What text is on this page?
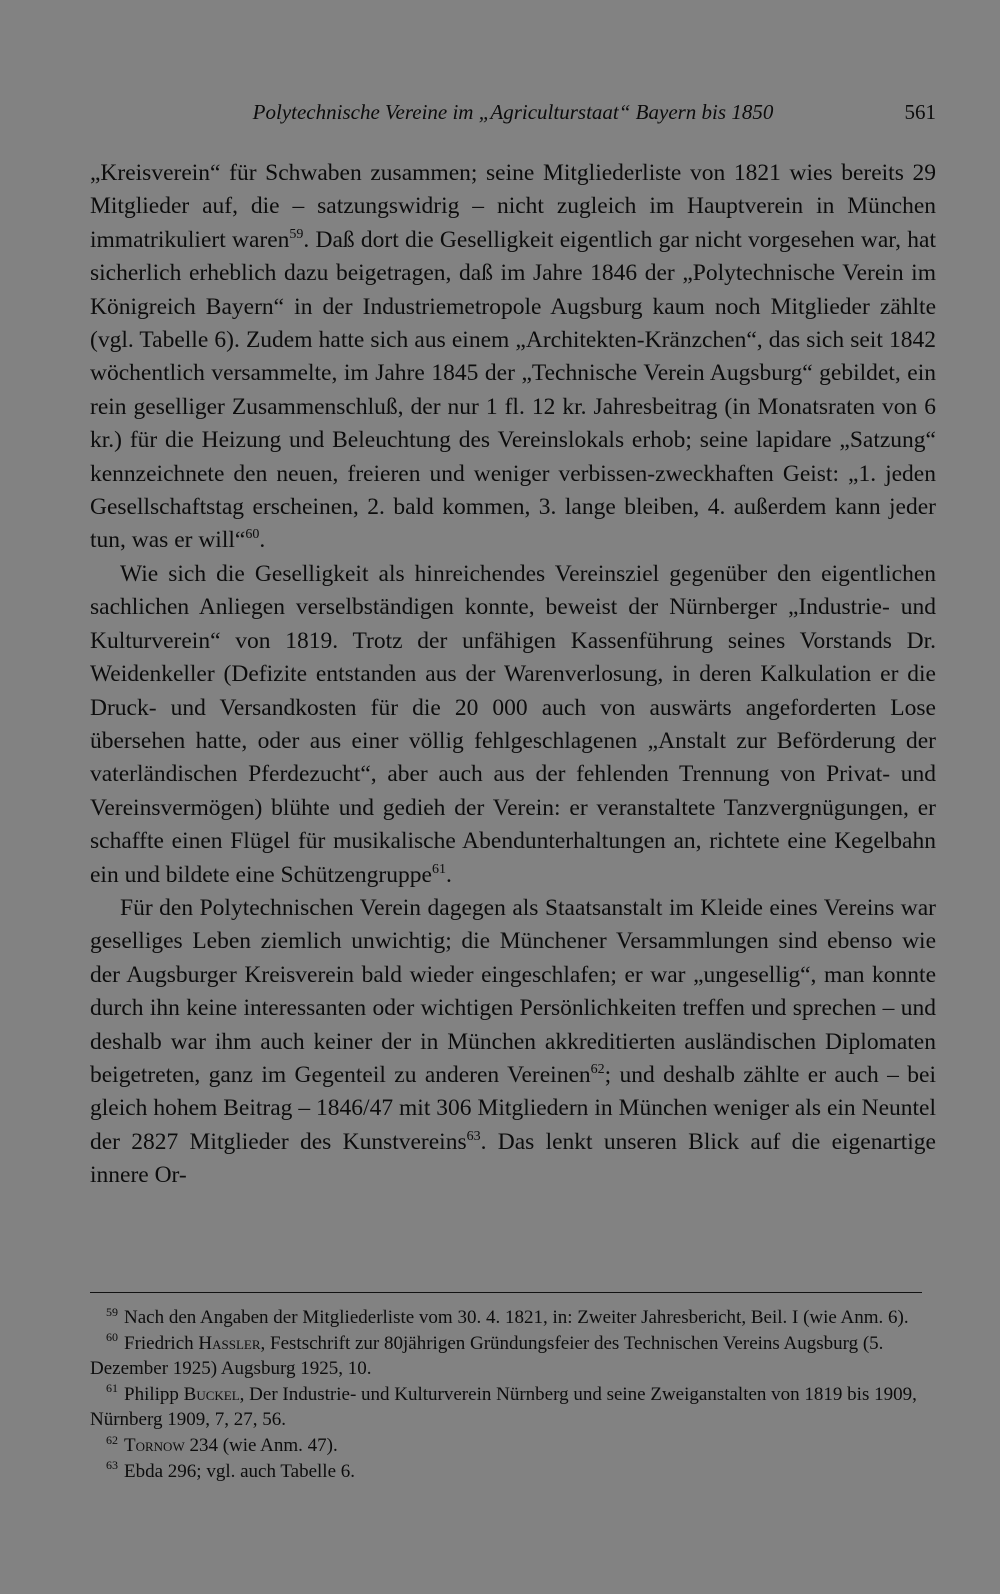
Polytechnische Vereine im „Agriculturstaat“ Bayern bis 1850	561

„Kreisverein“ für Schwaben zusammen; seine Mitgliederliste von 1821 wies bereits 29 Mitglieder auf, die – satzungswidrig – nicht zugleich im Hauptverein in München immatrikuliert waren$^{59}$. Daß dort die Geselligkeit eigentlich gar nicht vorgesehen war, hat sicherlich erheblich dazu beigetragen, daß im Jahre 1846 der „Polytechnische Verein im Königreich Bayern“ in der Industriemetropole Augsburg kaum noch Mitglieder zählte (vgl. Tabelle 6). Zudem hatte sich aus einem „Architekten-Kränzchen“, das sich seit 1842 wöchentlich versammelte, im Jahre 1845 der „Technische Verein Augsburg“ gebildet, ein rein geselliger Zusammenschluß, der nur 1 fl. 12 kr. Jahresbeitrag (in Monatsraten von 6 kr.) für die Heizung und Beleuchtung des Vereinslokals erhob; seine lapidare „Satzung“ kennzeichnete den neuen, freieren und weniger verbissen-zweckhaften Geist: „1. jeden Gesellschaftstag erscheinen, 2. bald kommen, 3. lange bleiben, 4. außerdem kann jeder tun, was er will“$^{60}$.

Wie sich die Geselligkeit als hinreichendes Vereinsziel gegenüber den eigentlichen sachlichen Anliegen verselbständigen konnte, beweist der Nürnberger „Industrie- und Kulturverein“ von 1819. Trotz der unfähigen Kassenführung seines Vorstands Dr. Weidenkeller (Defizite entstanden aus der Warenverlosung, in deren Kalkulation er die Druck- und Versandkosten für die 20 000 auch von auswärts angeforderten Lose übersehen hatte, oder aus einer völlig fehlgeschlagenen „Anstalt zur Beförderung der vaterländischen Pferdezucht“, aber auch aus der fehlenden Trennung von Privat- und Vereinsvermögen) blühte und gedieh der Verein: er veranstaltete Tanzvergnügungen, er schaffte einen Flügel für musikalische Abendunterhaltungen an, richtete eine Kegelbahn ein und bildete eine Schützengruppe$^{61}$.

Für den Polytechnischen Verein dagegen als Staatsanstalt im Kleide eines Vereins war geselliges Leben ziemlich unwichtig; die Münchener Versammlungen sind ebenso wie der Augsburger Kreisverein bald wieder eingeschlafen; er war „ungesellig“, man konnte durch ihn keine interessanten oder wichtigen Persönlichkeiten treffen und sprechen – und deshalb war ihm auch keiner der in München akkreditierten ausländischen Diplomaten beigetreten, ganz im Gegenteil zu anderen Vereinen$^{62}$; und deshalb zählte er auch – bei gleich hohem Beitrag – 1846/47 mit 306 Mitgliedern in München weniger als ein Neuntel der 2827 Mitglieder des Kunstvereins$^{63}$. Das lenkt unseren Blick auf die eigenartige innere Or-

$^{59}$ Nach den Angaben der Mitgliederliste vom 30. 4. 1821, in: Zweiter Jahresbericht, Beil. I (wie Anm. 6).

$^{60}$ Friedrich Hassler, Festschrift zur 80jährigen Gründungsfeier des Technischen Vereins Augsburg (5. Dezember 1925) Augsburg 1925, 10.

$^{61}$ Philipp Buckel, Der Industrie- und Kulturverein Nürnberg und seine Zweiganstalten von 1819 bis 1909, Nürnberg 1909, 7, 27, 56.

$^{62}$ Tornow 234 (wie Anm. 47).

$^{63}$ Ebda 296; vgl. auch Tabelle 6.
